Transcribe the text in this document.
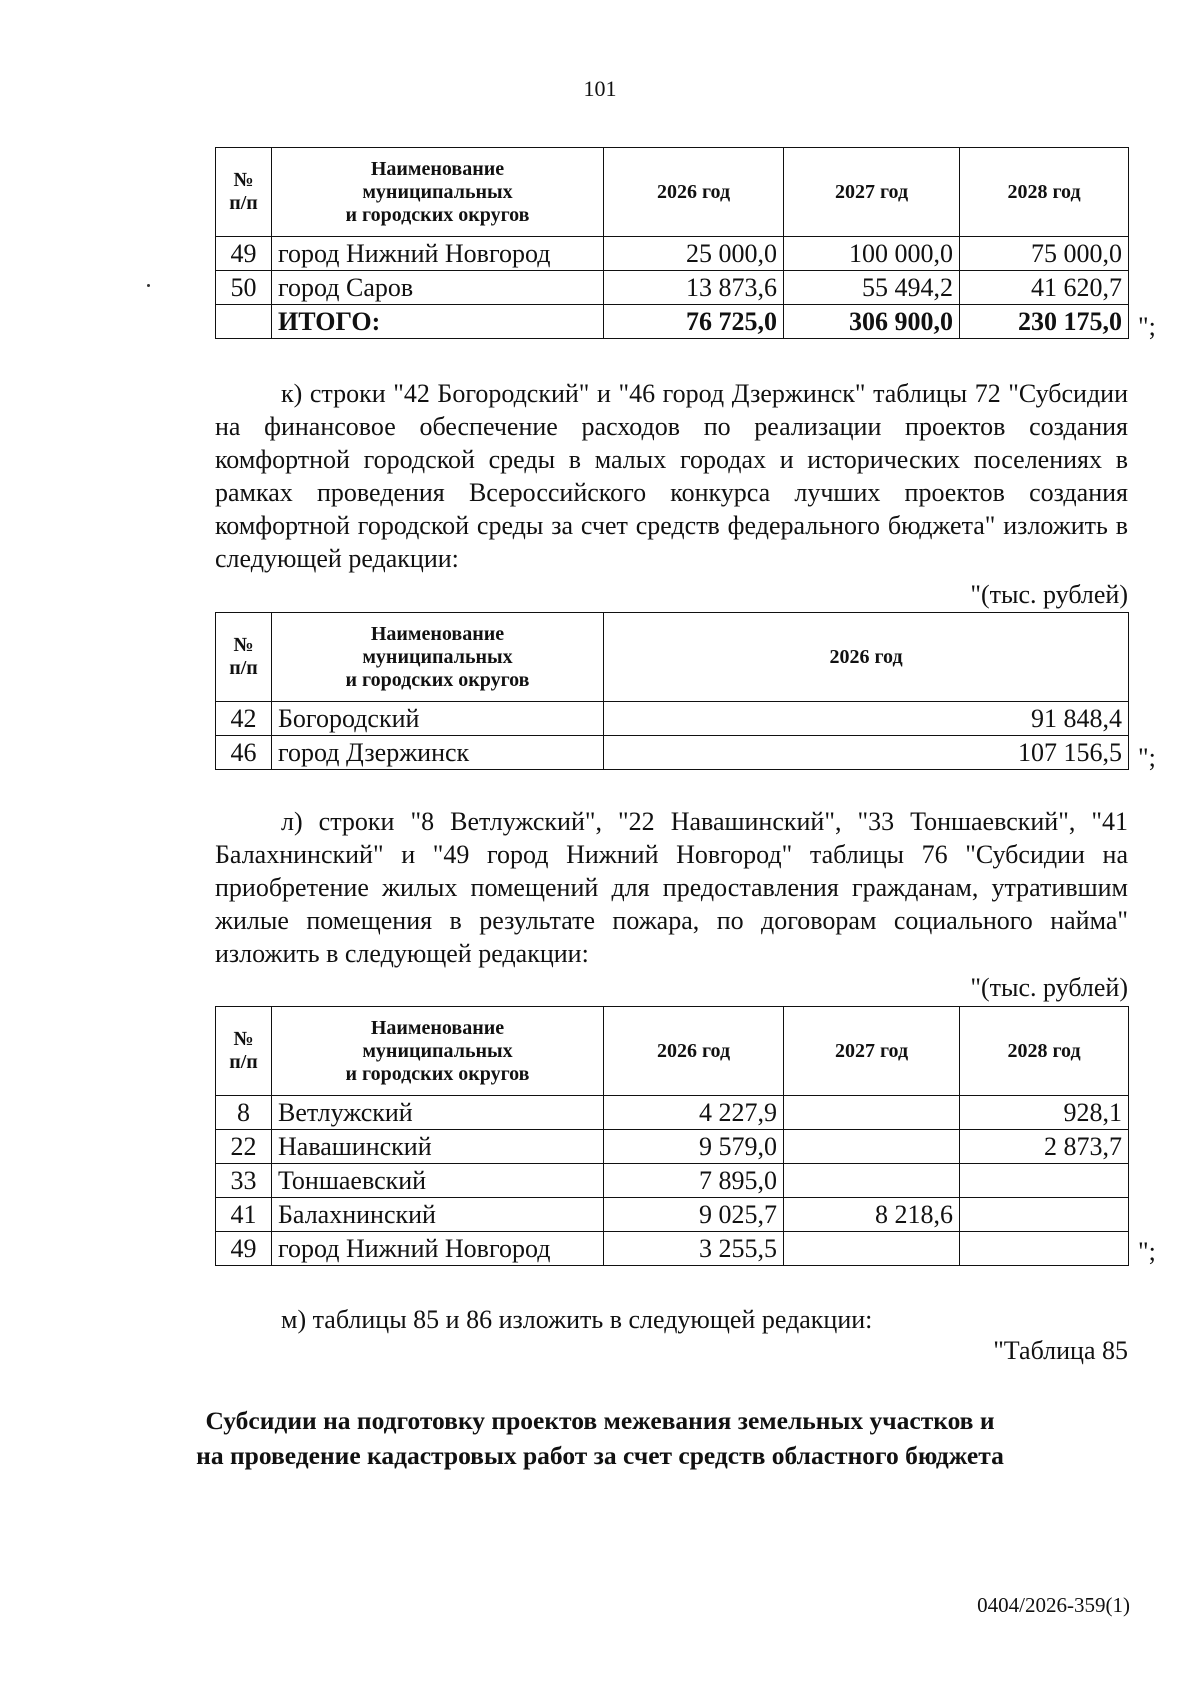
101
№
п/п	Наименование
муниципальных
и городских округов	2026 год	2027 год	2028 год
49	город Нижний Новгород	25 000,0	100 000,0	75 000,0
50	город Саров	13 873,6	55 494,2	41 620,7
	ИТОГО:	76 725,0	306 900,0	230 175,0 ";
к) строки "42 Богородский" и "46 город Дзержинск" таблицы 72 "Субсидии на финансовое обеспечение расходов по реализации проектов создания комфортной городской среды в малых городах и исторических поселениях в рамках проведения Всероссийского конкурса лучших проектов создания комфортной городской среды за счет средств федерального бюджета" изложить в следующей редакции:
"(тыс. рублей)
№
п/п	Наименование
муниципальных
и городских округов	2026 год
42	Богородский	91 848,4
46	город Дзержинск	107 156,5 ";
л) строки "8 Ветлужский", "22 Навашинский", "33 Тоншаевский", "41 Балахнинский" и "49 город Нижний Новгород" таблицы 76 "Субсидии на приобретение жилых помещений для предоставления гражданам, утратившим жилые помещения в результате пожара, по договорам социального найма" изложить в следующей редакции:
"(тыс. рублей)
№
п/п	Наименование
муниципальных
и городских округов	2026 год	2027 год	2028 год
8	Ветлужский	4 227,9		928,1
22	Навашинский	9 579,0		2 873,7
33	Тоншаевский	7 895,0		
41	Балахнинский	9 025,7	8 218,6	
49	город Нижний Новгород	3 255,5			";
м) таблицы 85 и 86 изложить в следующей редакции:
"Таблица 85
Субсидии на подготовку проектов межевания земельных участков и
на проведение кадастровых работ за счет средств областного бюджета
0404/2026-359(1)
